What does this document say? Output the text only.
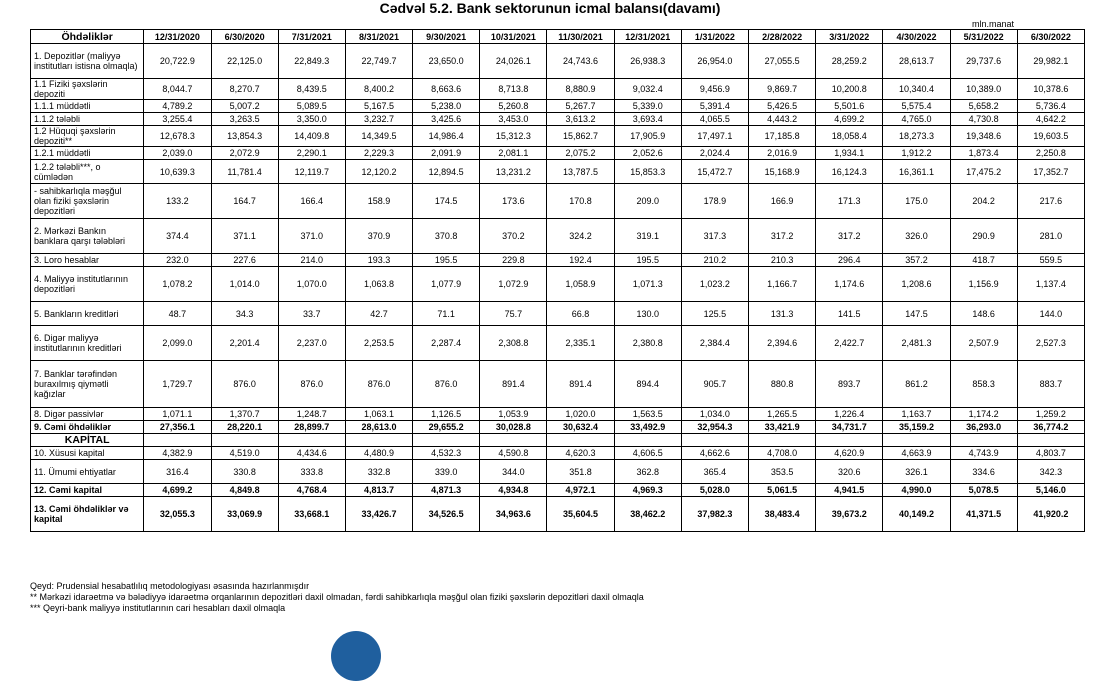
Cədvəl 5.2. Bank sektorunun icmal balansı(davamı)
mln.manat
Öhdəliklər	12/31/2020	6/30/2020	7/31/2021	8/31/2021	9/30/2021	10/31/2021	11/30/2021	12/31/2021	1/31/2022	2/28/2022	3/31/2022	4/30/2022	5/31/2022	6/30/2022
1. Depozitlər (maliyyə institutları istisna olmaqla)	20,722.9	22,125.0	22,849.3	22,749.7	23,650.0	24,026.1	24,743.6	26,938.3	26,954.0	27,055.5	28,259.2	28,613.7	29,737.6	29,982.1
1.1 Fiziki şəxslərin depoziti	8,044.7	8,270.7	8,439.5	8,400.2	8,663.6	8,713.8	8,880.9	9,032.4	9,456.9	9,869.7	10,200.8	10,340.4	10,389.0	10,378.6
1.1.1 müddətli	4,789.2	5,007.2	5,089.5	5,167.5	5,238.0	5,260.8	5,267.7	5,339.0	5,391.4	5,426.5	5,501.6	5,575.4	5,658.2	5,736.4
1.1.2 tələbli	3,255.4	3,263.5	3,350.0	3,232.7	3,425.6	3,453.0	3,613.2	3,693.4	4,065.5	4,443.2	4,699.2	4,765.0	4,730.8	4,642.2
1.2 Hüquqi şəxslərin depoziti**	12,678.3	13,854.3	14,409.8	14,349.5	14,986.4	15,312.3	15,862.7	17,905.9	17,497.1	17,185.8	18,058.4	18,273.3	19,348.6	19,603.5
1.2.1 müddətli	2,039.0	2,072.9	2,290.1	2,229.3	2,091.9	2,081.1	2,075.2	2,052.6	2,024.4	2,016.9	1,934.1	1,912.2	1,873.4	2,250.8
1.2.2 tələbli***, o cümlədən	10,639.3	11,781.4	12,119.7	12,120.2	12,894.5	13,231.2	13,787.5	15,853.3	15,472.7	15,168.9	16,124.3	16,361.1	17,475.2	17,352.7
- sahibkarlıqla məşğul olan fiziki şəxslərin depozitləri	133.2	164.7	166.4	158.9	174.5	173.6	170.8	209.0	178.9	166.9	171.3	175.0	204.2	217.6
2. Mərkəzi Bankın banklara qarşı tələbləri	374.4	371.1	371.0	370.9	370.8	370.2	324.2	319.1	317.3	317.2	317.2	326.0	290.9	281.0
3. Loro hesablar	232.0	227.6	214.0	193.3	195.5	229.8	192.4	195.5	210.2	210.3	296.4	357.2	418.7	559.5
4. Maliyyə institutlarının depozitləri	1,078.2	1,014.0	1,070.0	1,063.8	1,077.9	1,072.9	1,058.9	1,071.3	1,023.2	1,166.7	1,174.6	1,208.6	1,156.9	1,137.4
5. Bankların kreditləri	48.7	34.3	33.7	42.7	71.1	75.7	66.8	130.0	125.5	131.3	141.5	147.5	148.6	144.0
6. Digər maliyyə institutlarının kreditləri	2,099.0	2,201.4	2,237.0	2,253.5	2,287.4	2,308.8	2,335.1	2,380.8	2,384.4	2,394.6	2,422.7	2,481.3	2,507.9	2,527.3
7. Banklar tərəfindən buraxılmış qiymətli kağızlar	1,729.7	876.0	876.0	876.0	876.0	891.4	891.4	894.4	905.7	880.8	893.7	861.2	858.3	883.7
8. Digər passivlər	1,071.1	1,370.7	1,248.7	1,063.1	1,126.5	1,053.9	1,020.0	1,563.5	1,034.0	1,265.5	1,226.4	1,163.7	1,174.2	1,259.2
9. Cəmi öhdəliklər	27,356.1	28,220.1	28,899.7	28,613.0	29,655.2	30,028.8	30,632.4	33,492.9	32,954.3	33,421.9	34,731.7	35,159.2	36,293.0	36,774.2
KAPİTAL														
10. Xüsusi kapital	4,382.9	4,519.0	4,434.6	4,480.9	4,532.3	4,590.8	4,620.3	4,606.5	4,662.6	4,708.0	4,620.9	4,663.9	4,743.9	4,803.7
11. Ümumi ehtiyatlar	316.4	330.8	333.8	332.8	339.0	344.0	351.8	362.8	365.4	353.5	320.6	326.1	334.6	342.3
12. Cəmi kapital	4,699.2	4,849.8	4,768.4	4,813.7	4,871.3	4,934.8	4,972.1	4,969.3	5,028.0	5,061.5	4,941.5	4,990.0	5,078.5	5,146.0
13. Cəmi öhdəliklər və kapital	32,055.3	33,069.9	33,668.1	33,426.7	34,526.5	34,963.6	35,604.5	38,462.2	37,982.3	38,483.4	39,673.2	40,149.2	41,371.5	41,920.2
Qeyd: Prudensial hesabatlılıq metodologiyası əsasında hazırlanmışdır
** Mərkəzi idarəetmə və bələdiyyə idarəetmə orqanlarının depozitləri daxil olmadan, fərdi sahibkarlıqla məşğul olan fiziki şəxslərin depozitləri daxil olmaqla
*** Qeyri-bank maliyyə institutlarının cari hesabları daxil olmaqla
